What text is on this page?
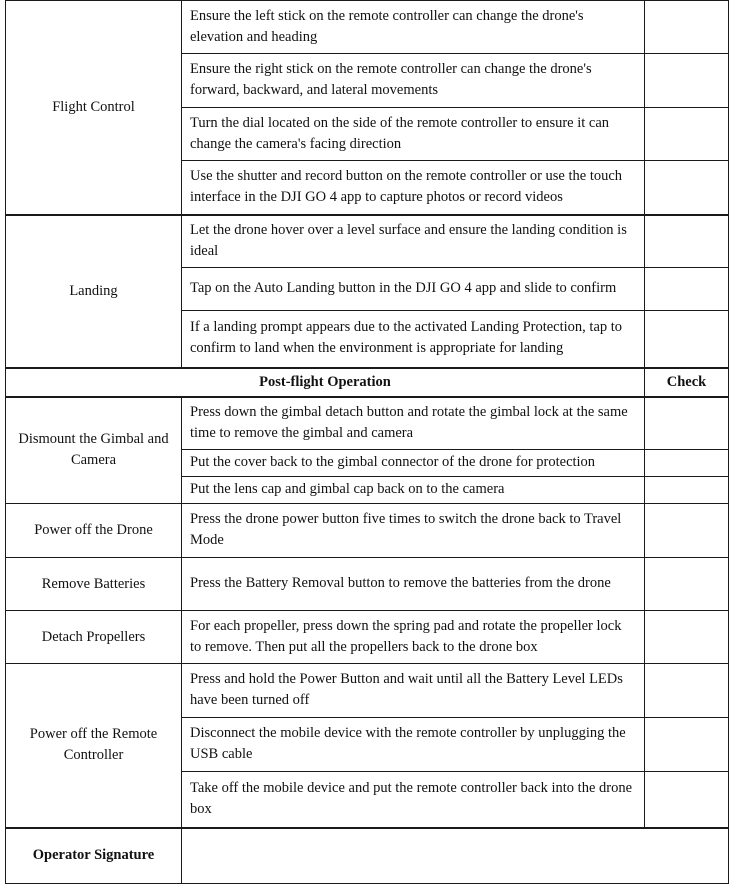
Flight Control	Ensure the left stick on the remote controller can change the drone's elevation and heading	
	Ensure the right stick on the remote controller can change the drone's forward, backward, and lateral movements	
	Turn the dial located on the side of the remote controller to ensure it can change the camera's facing direction	
	Use the shutter and record button on the remote controller or use the touch interface in the DJI GO 4 app to capture photos or record videos	
Landing	Let the drone hover over a level surface and ensure the landing condition is ideal	
	Tap on the Auto Landing button in the DJI GO 4 app and slide to confirm	
	If a landing prompt appears due to the activated Landing Protection, tap to confirm to land when the environment is appropriate for landing	
Post-flight Operation		Check
Dismount the Gimbal and Camera	Press down the gimbal detach button and rotate the gimbal lock at the same time to remove the gimbal and camera	
	Put the cover back to the gimbal connector of the drone for protection	
	Put the lens cap and gimbal cap back on to the camera	
Power off the Drone	Press the drone power button five times to switch the drone back to Travel Mode	
Remove Batteries	Press the Battery Removal button to remove the batteries from the drone	
Detach Propellers	For each propeller, press down the spring pad and rotate the propeller lock to remove. Then put all the propellers back to the drone box	
Power off the Remote Controller	Press and hold the Power Button and wait until all the Battery Level LEDs have been turned off	
	Disconnect the mobile device with the remote controller by unplugging the USB cable	
	Take off the mobile device and put the remote controller back into the drone box	
Operator Signature		
